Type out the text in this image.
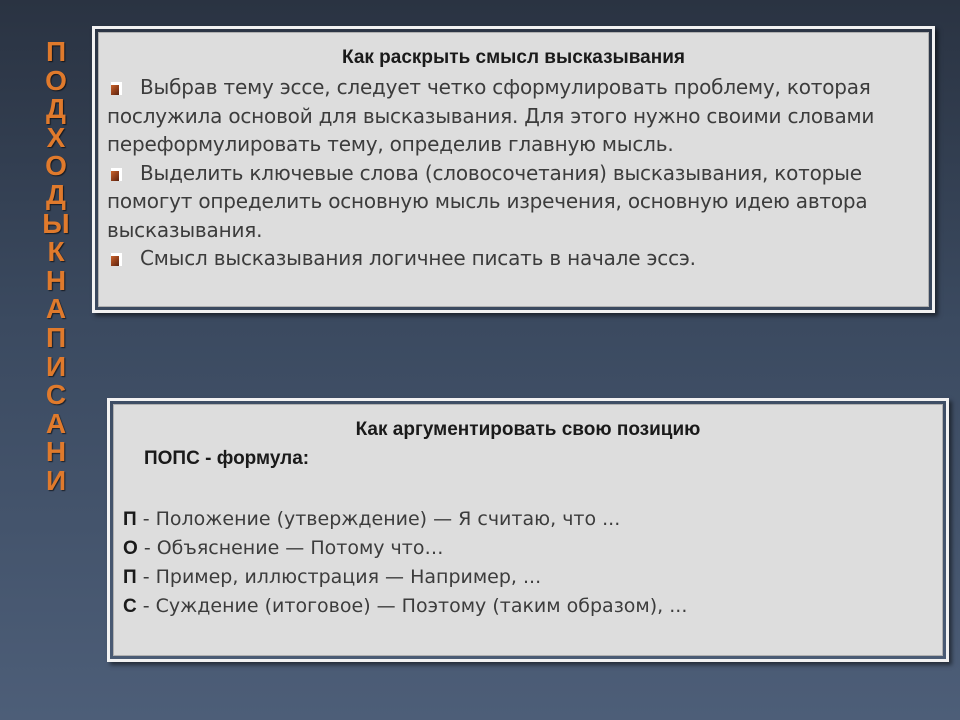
П
О
Д
Х
О
Д
Ы
К
Н
А
П
И
С
А
Н
И
Как раскрыть смысл высказывания

Выбрав тему эссе, следует четко сформулировать проблему, которая послужила основой для высказывания. Для этого нужно своими словами переформулировать тему, определив главную мысль.

Выделить ключевые слова (словосочетания) высказывания, которые помогут определить основную мысль изречения, основную идею автора высказывания.

Смысл высказывания логичнее писать в начале эссэ.

Как аргументировать свою позицию
ПОПС - формула:

П - Положение (утверждение) — Я считаю, что ...

О - Объяснение — Потому что…

П - Пример, иллюстрация — Например, ...

С - Суждение (итоговое) — Поэтому (таким образом), ...
